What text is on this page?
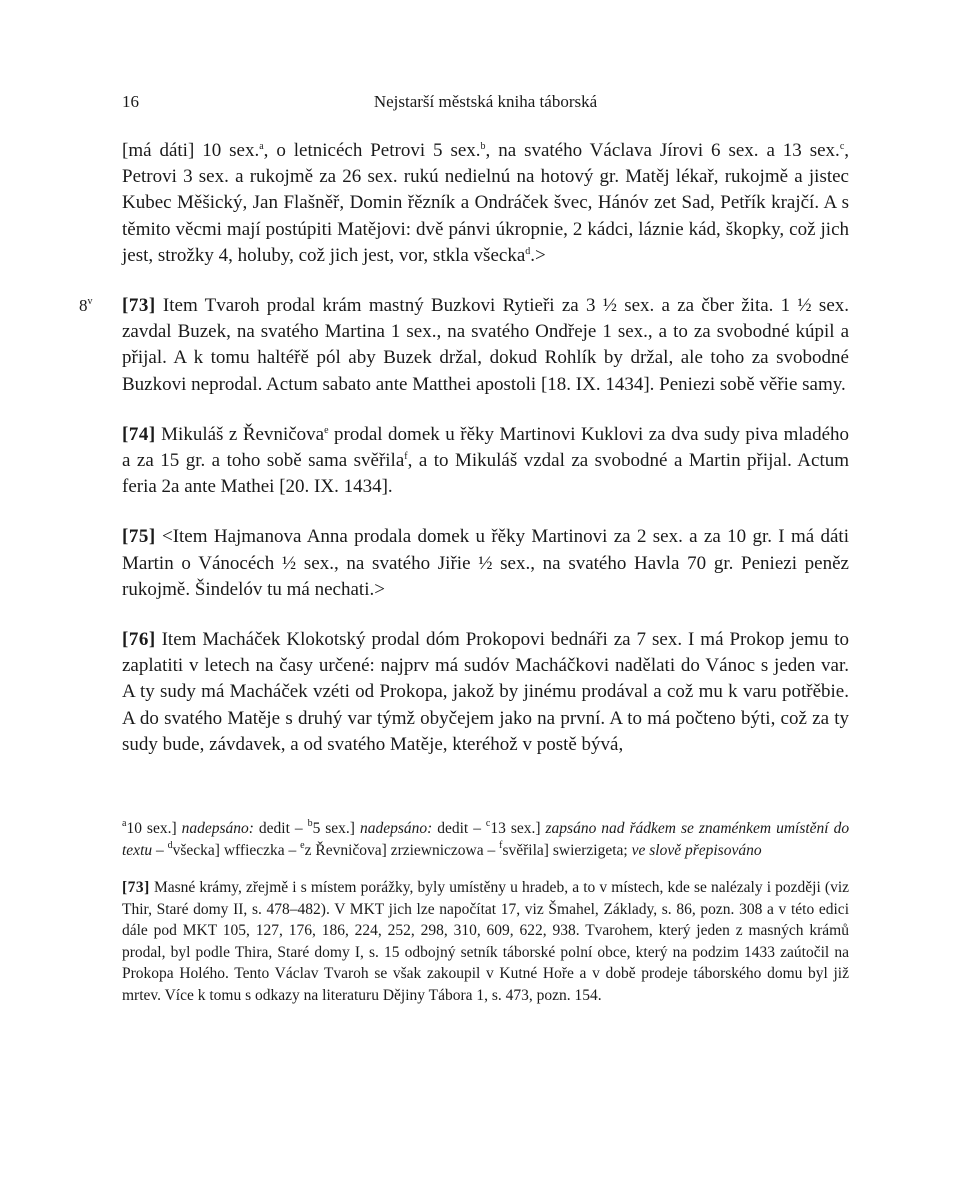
16	Nejstarší městská kniha táborská

[má dáti] 10 sex.$^a$, o letnicéch Petrovi 5 sex.$^b$, na svatého Václava Jírovi 6 sex. a 13 sex.$^c$, Petrovi 3 sex. a rukojmě za 26 sex. rukú nedielnú na hotový gr. Matěj lékař, rukojmě a jistec Kubec Měšický, Jan Flašněř, Domin řězník a Ondráček švec, Hánóv zet Sad, Petřík krajčí. A s těmito věcmi mají postúpiti Matějovi: dvě pánvi úkropnie, 2 kádci, láznie kád, škopky, což jich jest, strožky 4, holuby, což jich jest, vor, stkla všecka$^d$.>

8$^v$ [73] Item Tvaroh prodal krám mastný Buzkovi Rytieři za 3 ½ sex. a za čber žita. 1 ½ sex. zavdal Buzek, na svatého Martina 1 sex., na svatého Ondřeje 1 sex., a to za svobodné kúpil a přijal. A k tomu haltéřě pól aby Buzek držal, dokud Rohlík by držal, ale toho za svobodné Buzkovi neprodal. Actum sabato ante Matthei apostoli [18. IX. 1434]. Peniezi sobě věřie samy.

[74] Mikuláš z Řevničova$^e$ prodal domek u řěky Martinovi Kuklovi za dva sudy piva mladého a za 15 gr. a toho sobě sama svěřila$^f$, a to Mikuláš vzdal za svobodné a Martin přijal. Actum feria 2a ante Mathei [20. IX. 1434].

[75] <Item Hajmanova Anna prodala domek u řěky Martinovi za 2 sex. a za 10 gr. I má dáti Martin o Vánocéch ½ sex., na svatého Jiřie ½ sex., na svatého Havla 70 gr. Peniezi peněz rukojmě. Šindelóv tu má nechati.>

[76] Item Macháček Klokotský prodal dóm Prokopovi bednáři za 7 sex. I má Prokop jemu to zaplatiti v letech na časy určené: najprv má sudóv Macháčkovi nadělati do Vánoc s jeden var. A ty sudy má Macháček vzéti od Prokopa, jakož by jinému prodával a což mu k varu potřěbie. A do svatého Matěje s druhý var týmž obyčejem jako na první. A to má počteno býti, což za ty sudy bude, závdavek, a od svatého Matěje, kteréhož v postě bývá,

$^a$10 sex.] nadepsáno: dedit – $^b$5 sex.] nadepsáno: dedit – $^c$13 sex.] zapsáno nad řádkem se znaménkem umístění do textu – $^d$všecka] wffieczka – $^e$z Řevničova] zrziewniczowa – $^f$svěřila] swierzigeta; ve slově přepisováno

[73] Masné krámy, zřejmě i s místem porážky, byly umístěny u hradeb, a to v místech, kde se nalézaly i později (viz Thir, Staré domy II, s. 478–482). V MKT jich lze napočítat 17, viz Šmahel, Základy, s. 86, pozn. 308 a v této edici dále pod MKT 105, 127, 176, 186, 224, 252, 298, 310, 609, 622, 938. Tvarohem, který jeden z masných krámů prodal, byl podle Thira, Staré domy I, s. 15 odbojný setník táborské polní obce, který na podzim 1433 zaútočil na Prokopa Holého. Tento Václav Tvaroh se však zakoupil v Kutné Hoře a v době prodeje táborského domu byl již mrtev. Více k tomu s odkazy na literaturu Dějiny Tábora 1, s. 473, pozn. 154.
